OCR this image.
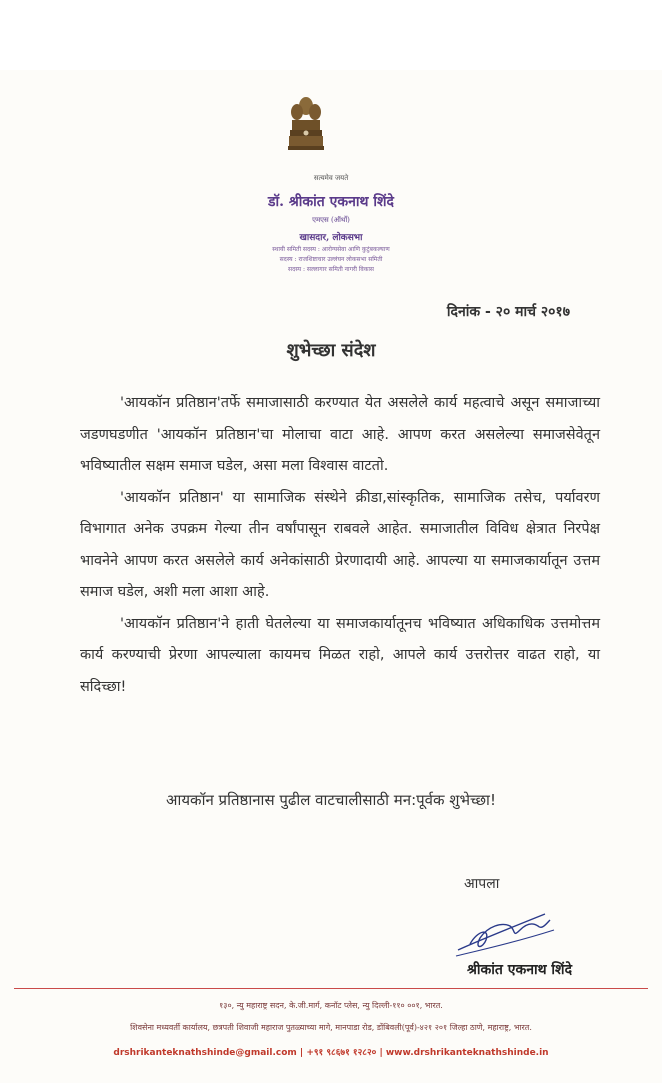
सत्यमेव जयते
डॉ. श्रीकांत एकनाथ शिंदे
एमएस (ऑर्थो)
खासदार, लोकसभा
स्थायी समिती सदस्य : आरोग्यसेवा आणि कुटुंबकल्याण
सदस्य : राजशिष्टाचार उल्लंघन लोकसभा समिती
सदस्य : सल्लागार समिती नागरी विकास
दिनांक - २० मार्च २०१७
शुभेच्छा संदेश

'आयकॉन प्रतिष्ठान'तर्फे समाजासाठी करण्यात येत असलेले कार्य महत्वाचे असून समाजाच्या जडणघडणीत 'आयकॉन प्रतिष्ठान'चा मोलाचा वाटा आहे. आपण करत असलेल्या समाजसेवेतून भविष्यातील सक्षम समाज घडेल, असा मला विश्वास वाटतो.

'आयकॉन प्रतिष्ठान' या सामाजिक संस्थेने क्रीडा,सांस्कृतिक, सामाजिक तसेच, पर्यावरण विभागात अनेक उपक्रम गेल्या तीन वर्षांपासून राबवले आहेत. समाजातील विविध क्षेत्रात निरपेक्ष भावनेने आपण करत असलेले कार्य अनेकांसाठी प्रेरणादायी आहे. आपल्या या समाजकार्यातून उत्तम समाज घडेल, अशी मला आशा आहे.

'आयकॉन प्रतिष्ठान'ने हाती घेतलेल्या या समाजकार्यातूनच भविष्यात अधिकाधिक उत्तमोत्तम कार्य करण्याची प्रेरणा आपल्याला कायमच मिळत राहो, आपले कार्य उत्तरोत्तर वाढत राहो, या सदिच्छा!

आयकॉन प्रतिष्ठानास पुढील वाटचालीसाठी मन:पूर्वक शुभेच्छा!
आपला
श्रीकांत एकनाथ शिंदे
१३०, न्यु महाराष्ट्र सदन, के.जी.मार्ग, कनॉट प्लेस, न्यु दिल्ली-११० ००१, भारत.
शिवसेना मध्यवर्ती कार्यालय, छत्रपती शिवाजी महाराज पुतळ्याच्या मागे, मानपाडा रोड, डोंबिवली(पूर्व)-४२१ २०१ जिल्हा ठाणे, महाराष्ट्र, भारत.
drshrikanteknathshinde@gmail.com | +९१ ९८६७१ १२८२० | www.drshrikanteknathshinde.in
